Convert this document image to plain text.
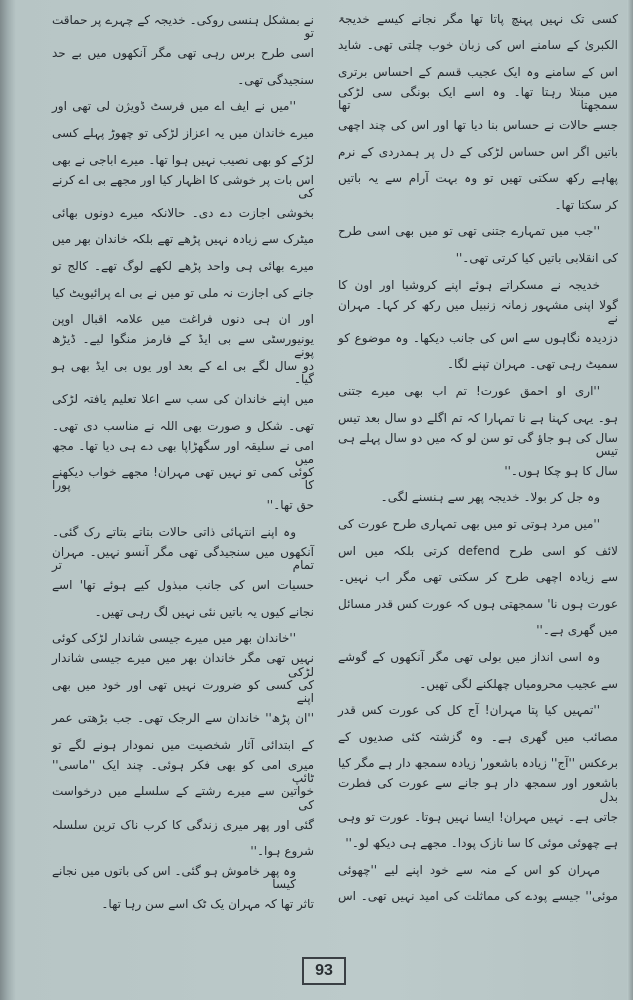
نے بمشکل ہنسی روکی۔ خدیجہ کے چہرے پر حماقت تو
اسی طرح برس رہی تھی مگر آنکھوں میں بے حد
سنجیدگی تھی۔
''میں نے ایف اے میں فرسٹ ڈویژن لی تھی اور
میرے خاندان میں یہ اعزاز لڑکی تو چھوڑ پہلے کسی
لڑکے کو بھی نصیب نہیں ہوا تھا۔ میرے اباجی نے بھی
اس بات پر خوشی کا اظہار کیا اور مجھے بی اے کرنے کی
بخوشی اجازت دے دی۔ حالانکہ میرے دونوں بھائی
میٹرک سے زیادہ نہیں پڑھے تھے بلکہ خاندان بھر میں
میرے بھائی ہی واحد پڑھے لکھے لوگ تھے۔ کالج تو
جانے کی اجازت نہ ملی تو میں نے بی اے پرائیویٹ کیا
اور ان ہی دنوں فراغت میں علامہ اقبال اوپن
یونیورسٹی سے بی ایڈ کے فارمز منگوا لیے۔ ڈیڑھ پونے
دو سال لگے بی اے کے بعد اور یوں بی ایڈ بھی ہو گیا۔
میں اپنے خاندان کی سب سے اعلا تعلیم یافتہ لڑکی
تھی۔ شکل و صورت بھی اللہ نے مناسب دی تھی۔
امی نے سلیقہ اور سگھڑاپا بھی دے ہی دیا تھا۔ مجھ میں
کوئی کمی تو نہیں تھی مہران! مجھے خواب دیکھنے کا پورا
حق تھا۔''
وہ اپنے انتہائی ذاتی حالات بتاتے بتاتے رک گئی۔
آنکھوں میں سنجیدگی تھی مگر آنسو نہیں۔ مہران تمام تر
حسیات اس کی جانب مبذول کیے ہوئے تھا' اسے
نجانے کیوں یہ باتیں نئی نہیں لگ رہی تھیں۔
''خاندان بھر میں میرے جیسی شاندار لڑکی کوئی
نہیں تھی مگر خاندان بھر میں میرے جیسی شاندار لڑکی
کی کسی کو ضرورت نہیں تھی اور خود میں بھی اپنے
''ان پڑھ'' خاندان سے الرجک تھی۔ جب بڑھتی عمر
کے ابتدائی آثار شخصیت میں نمودار ہونے لگے تو
میری امی کو بھی فکر ہوئی۔ چند ایک ''ماسی'' ٹائپ
خواتین سے میرے رشتے کے سلسلے میں درخواست کی
گئی اور پھر میری زندگی کا کرب ناک ترین سلسلہ
شروع ہوا۔''
وہ پھر خاموش ہو گئی۔ اس کی باتوں میں نجانے کیسا
تاثر تھا کہ مہران یک ٹک اسے سن رہا تھا۔
کسی تک نہیں پہنچ پاتا تھا مگر نجانے کیسے خدیجۃ
الکبریٰ کے سامنے اس کی زبان خوب چلتی تھی۔ شاید
اس کے سامنے وہ ایک عجیب قسم کے احساس برتری
میں مبتلا رہتا تھا۔ وہ اسے ایک بونگی سی لڑکی سمجھتا تھا
جسے حالات نے حساس بنا دیا تھا اور اس کی چند اچھی
باتیں اگر اس حساس لڑکی کے دل پر ہمدردی کے نرم
پھاہے رکھ سکتی تھیں تو وہ بہت آرام سے یہ باتیں
کر سکتا تھا۔
''جب میں تمہارے جتنی تھی تو میں بھی اسی طرح
کی انقلابی باتیں کیا کرتی تھی۔''
خدیجہ نے مسکراتے ہوئے اپنے کروشیا اور اون کا
گولا اپنی مشہور زمانہ زنبیل میں رکھ کر کہا۔ مہران نے
دزدیدہ نگاہوں سے اس کی جانب دیکھا۔ وہ موضوع کو
سمیٹ رہی تھی۔ مہران تپنے لگا۔
''اری او احمق عورت! تم اب بھی میرے جتنی
ہو۔ یہی کہنا ہے نا تمہارا کہ تم اگلے دو سال بعد تیس
سال کی ہو جاؤ گی تو سن لو کہ میں دو سال پہلے ہی تیس
سال کا ہو چکا ہوں۔''
وہ جل کر بولا۔ خدیجہ پھر سے ہنسنے لگی۔
''میں مرد ہوتی تو میں بھی تمہاری طرح عورت کی
لائف کو اسی طرح defend کرتی بلکہ میں اس
سے زیادہ اچھی طرح کر سکتی تھی مگر اب نہیں۔
عورت ہوں نا' سمجھتی ہوں کہ عورت کس قدر مسائل
میں گھری ہے۔''
وہ اسی انداز میں بولی تھی مگر آنکھوں کے گوشے
سے عجیب محرومیاں چھلکنے لگی تھیں۔
''تمہیں کیا پتا مہران! آج کل کی عورت کس قدر
مصائب میں گھری ہے۔ وہ گزشتہ کئی صدیوں کے
برعکس ''آج'' زیادہ باشعور' زیادہ سمجھ دار ہے مگر کیا
باشعور اور سمجھ دار ہو جانے سے عورت کی فطرت بدل
جاتی ہے۔ نہیں مہران! ایسا نہیں ہوتا۔ عورت تو وہی
ہے چھوئی موئی کا سا نازک پودا۔ مجھے ہی دیکھ لو۔''
مہران کو اس کے منہ سے خود اپنے لیے ''چھوئی
موئی'' جیسے پودے کی مماثلت کی امید نہیں تھی۔ اس
93
